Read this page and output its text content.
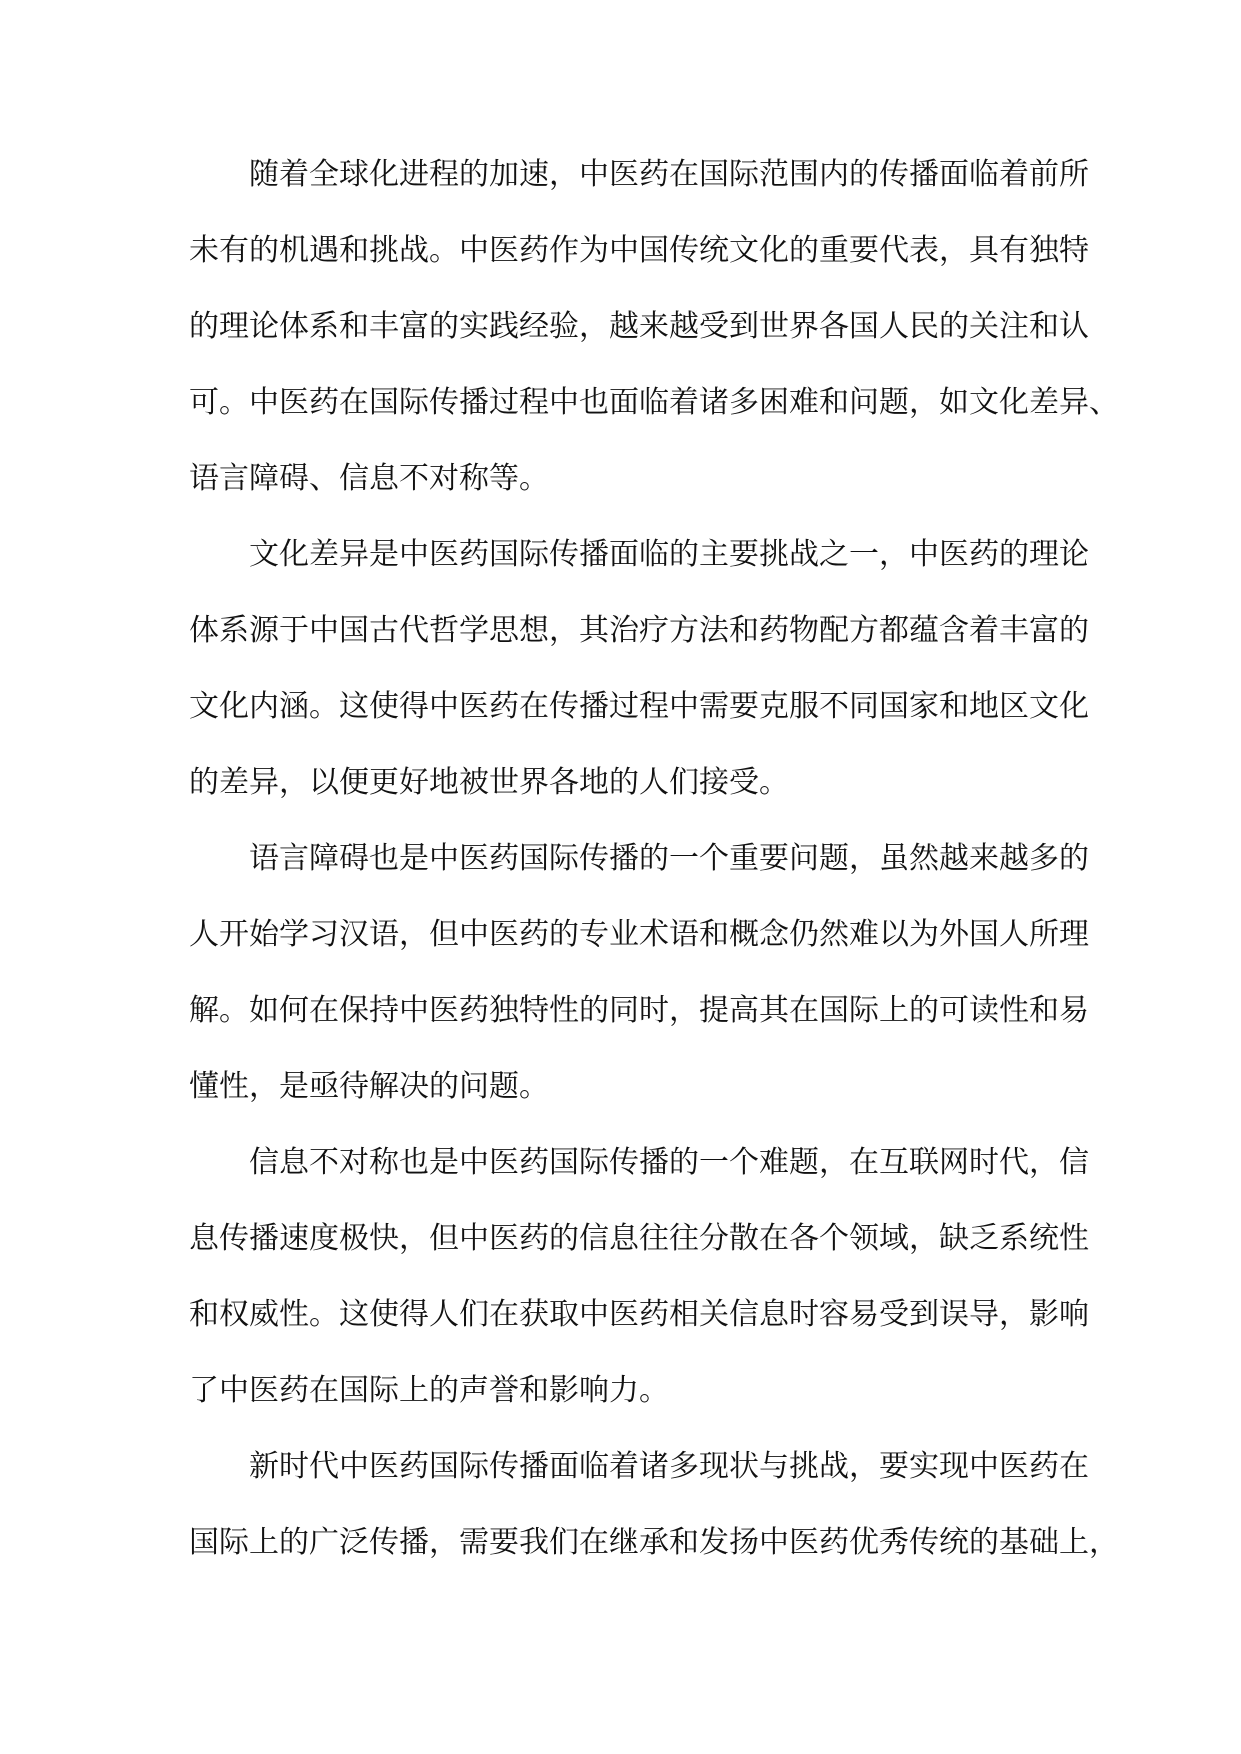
随着全球化进程的加速，中医药在国际范围内的传播面临着前所
未有的机遇和挑战。中医药作为中国传统文化的重要代表，具有独特
的理论体系和丰富的实践经验，越来越受到世界各国人民的关注和认
可。中医药在国际传播过程中也面临着诸多困难和问题，如文化差异、
语言障碍、信息不对称等。
文化差异是中医药国际传播面临的主要挑战之一，中医药的理论
体系源于中国古代哲学思想，其治疗方法和药物配方都蕴含着丰富的
文化内涵。这使得中医药在传播过程中需要克服不同国家和地区文化
的差异，以便更好地被世界各地的人们接受。
语言障碍也是中医药国际传播的一个重要问题，虽然越来越多的
人开始学习汉语，但中医药的专业术语和概念仍然难以为外国人所理
解。如何在保持中医药独特性的同时，提高其在国际上的可读性和易
懂性，是亟待解决的问题。
信息不对称也是中医药国际传播的一个难题，在互联网时代，信
息传播速度极快，但中医药的信息往往分散在各个领域，缺乏系统性
和权威性。这使得人们在获取中医药相关信息时容易受到误导，影响
了中医药在国际上的声誉和影响力。
新时代中医药国际传播面临着诸多现状与挑战，要实现中医药在
国际上的广泛传播，需要我们在继承和发扬中医药优秀传统的基础上，
